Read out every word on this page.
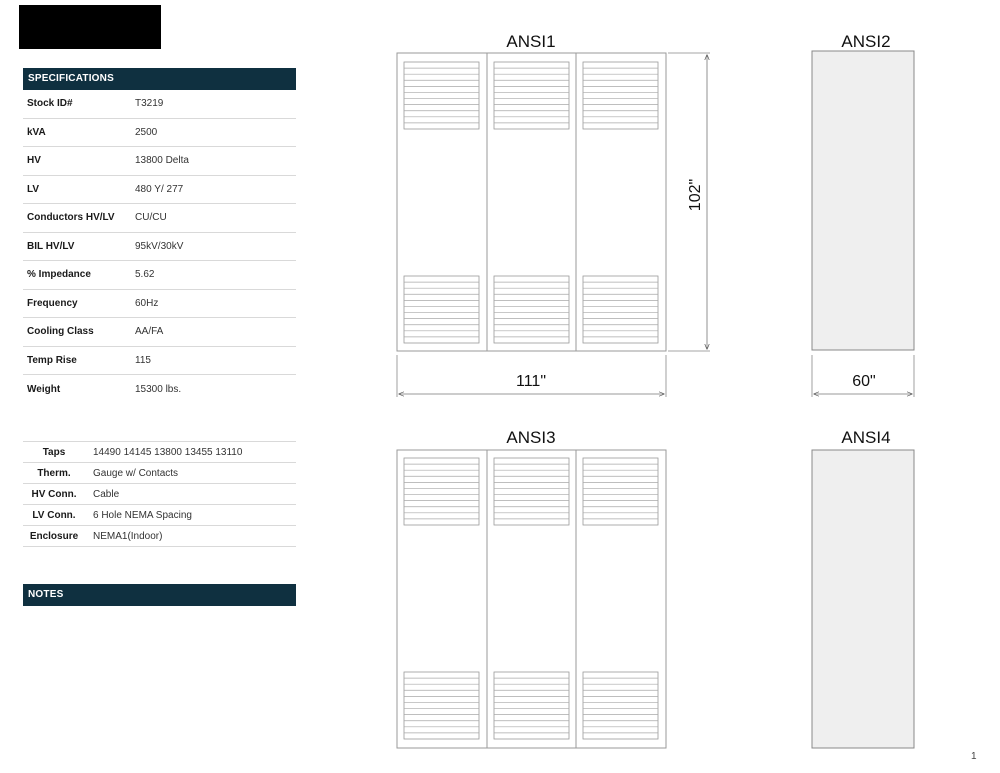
SPECIFICATIONS
Stock ID#	T3219
kVA	2500
HV	13800 Delta
LV	480 Y/ 277
Conductors HV/LV	CU/CU
BIL HV/LV	95kV/30kV
% Impedance	5.62
Frequency	60Hz
Cooling Class	AA/FA
Temp Rise	115
Weight	15300 lbs.
Taps	14490 14145 13800 13455 13110
Therm.	Gauge w/ Contacts
HV Conn.	Cable
LV Conn.	6 Hole NEMA Spacing
Enclosure	NEMA1(Indoor)
NOTES
ANSI1	ANSI2
ANSI3	ANSI4
102"
111"	60"
1
